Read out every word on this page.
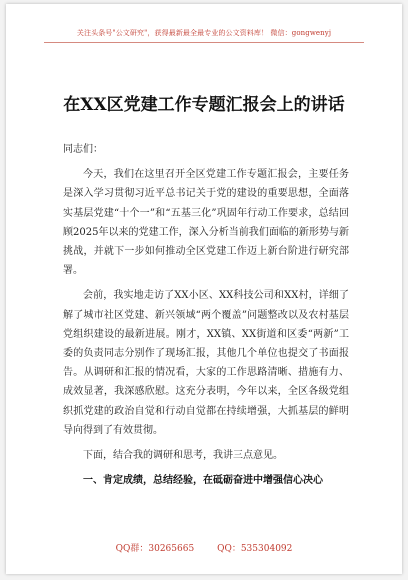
关注头条号"公文研究"，获得最新最全最专业的公文资料库！ 微信：gongwenyj
在XX区党建工作专题汇报会上的讲话

同志们：

今天，我们在这里召开全区党建工作专题汇报会，主要任务是深入学习贯彻习近平总书记关于党的建设的重要思想，全面落实基层党建“十个一”和“五基三化”巩固年行动工作要求，总结回顾2025年以来的党建工作，深入分析当前我们面临的新形势与新挑战，并就下一步如何推动全区党建工作迈上新台阶进行研究部署。

会前，我实地走访了XX小区、XX科技公司和XX村，详细了解了城市社区党建、新兴领域“两个覆盖”问题整改以及农村基层党组织建设的最新进展。刚才，XX镇、XX街道和区委“两新”工委的负责同志分别作了现场汇报，其他几个单位也提交了书面报告。从调研和汇报的情况看，大家的工作思路清晰、措施有力、成效显著，我深感欣慰。这充分表明，今年以来，全区各级党组织抓党建的政治自觉和行动自觉都在持续增强，大抓基层的鲜明导向得到了有效贯彻。

下面，结合我的调研和思考，我讲三点意见。

一、肯定成绩，总结经验，在砥砺奋进中增强信心决心

QQ群：30265665	QQ：535304092
